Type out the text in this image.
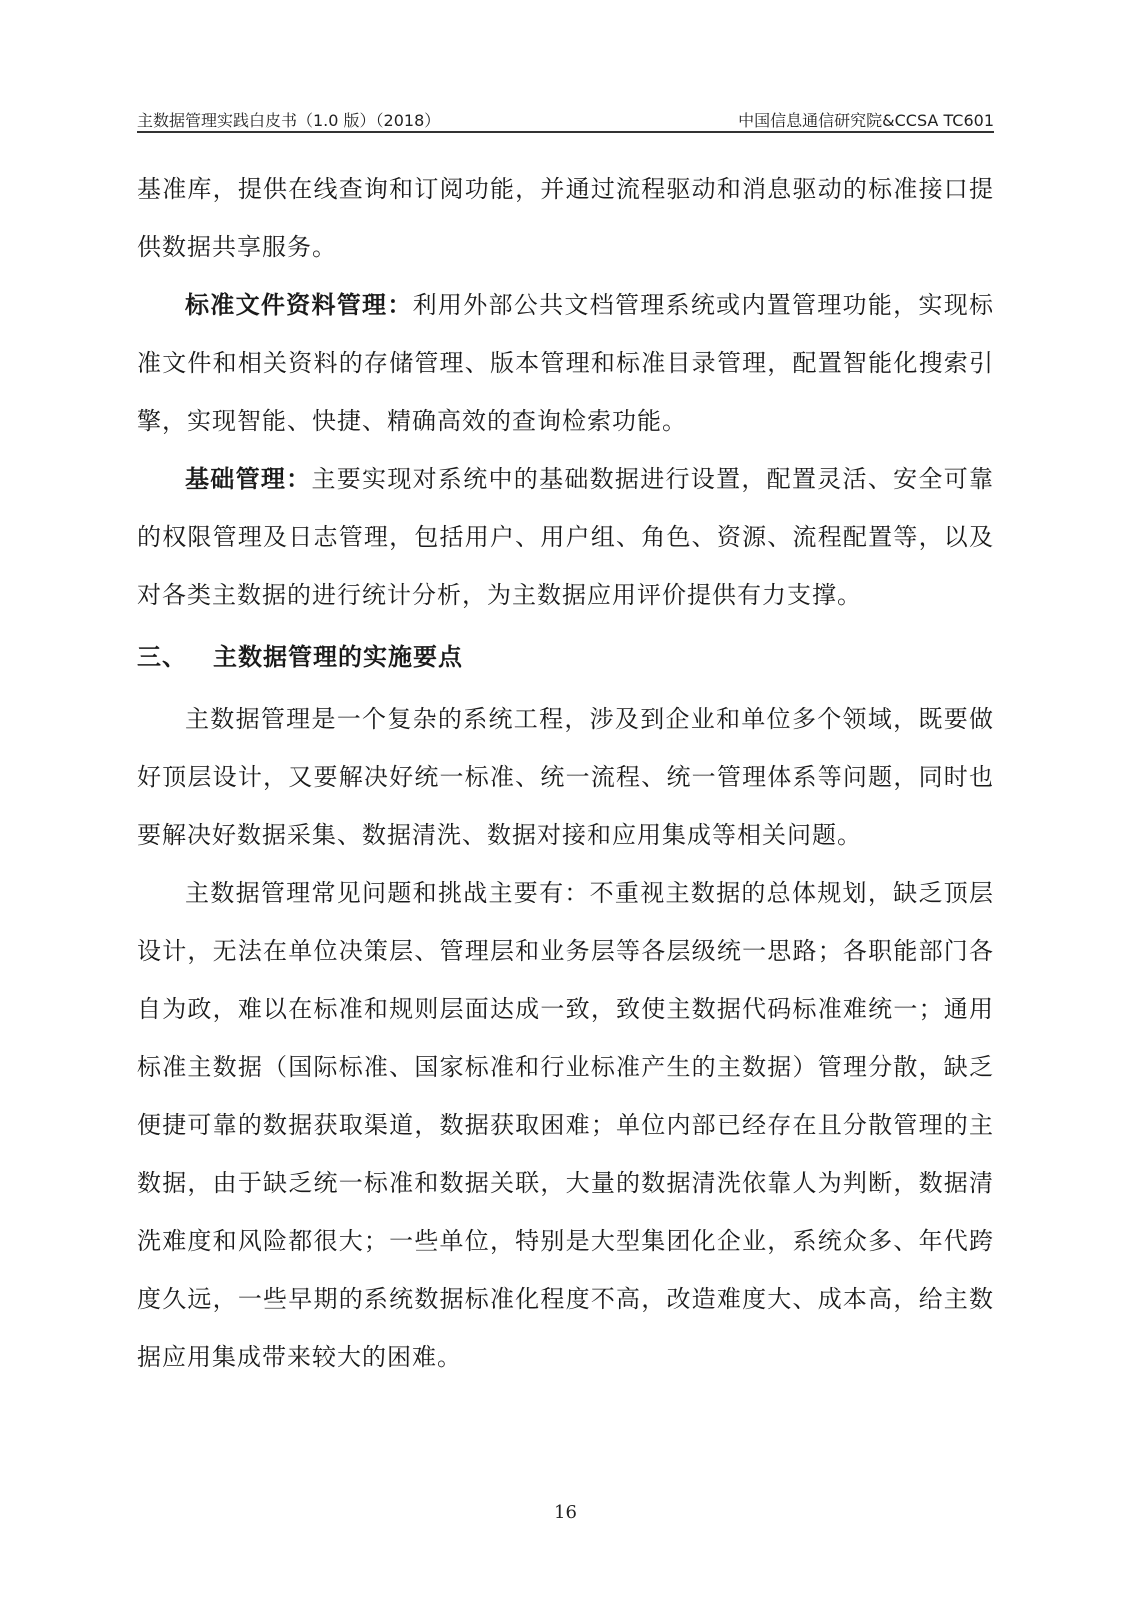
主数据管理实践白皮书（1.0 版）（2018）	中国信息通信研究院&CCSA TC601

基准库，提供在线查询和订阅功能，并通过流程驱动和消息驱动的标准接口提供数据共享服务。

标准文件资料管理：利用外部公共文档管理系统或内置管理功能，实现标准文件和相关资料的存储管理、版本管理和标准目录管理，配置智能化搜索引擎，实现智能、快捷、精确高效的查询检索功能。

基础管理：主要实现对系统中的基础数据进行设置，配置灵活、安全可靠的权限管理及日志管理，包括用户、用户组、角色、资源、流程配置等，以及对各类主数据的进行统计分析，为主数据应用评价提供有力支撑。

三、	主数据管理的实施要点

主数据管理是一个复杂的系统工程，涉及到企业和单位多个领域，既要做好顶层设计，又要解决好统一标准、统一流程、统一管理体系等问题，同时也要解决好数据采集、数据清洗、数据对接和应用集成等相关问题。

主数据管理常见问题和挑战主要有：不重视主数据的总体规划，缺乏顶层设计，无法在单位决策层、管理层和业务层等各层级统一思路；各职能部门各自为政，难以在标准和规则层面达成一致，致使主数据代码标准难统一；通用标准主数据（国际标准、国家标准和行业标准产生的主数据）管理分散，缺乏便捷可靠的数据获取渠道，数据获取困难；单位内部已经存在且分散管理的主数据，由于缺乏统一标准和数据关联，大量的数据清洗依靠人为判断，数据清洗难度和风险都很大；一些单位，特别是大型集团化企业，系统众多、年代跨度久远，一些早期的系统数据标准化程度不高，改造难度大、成本高，给主数据应用集成带来较大的困难。

16
